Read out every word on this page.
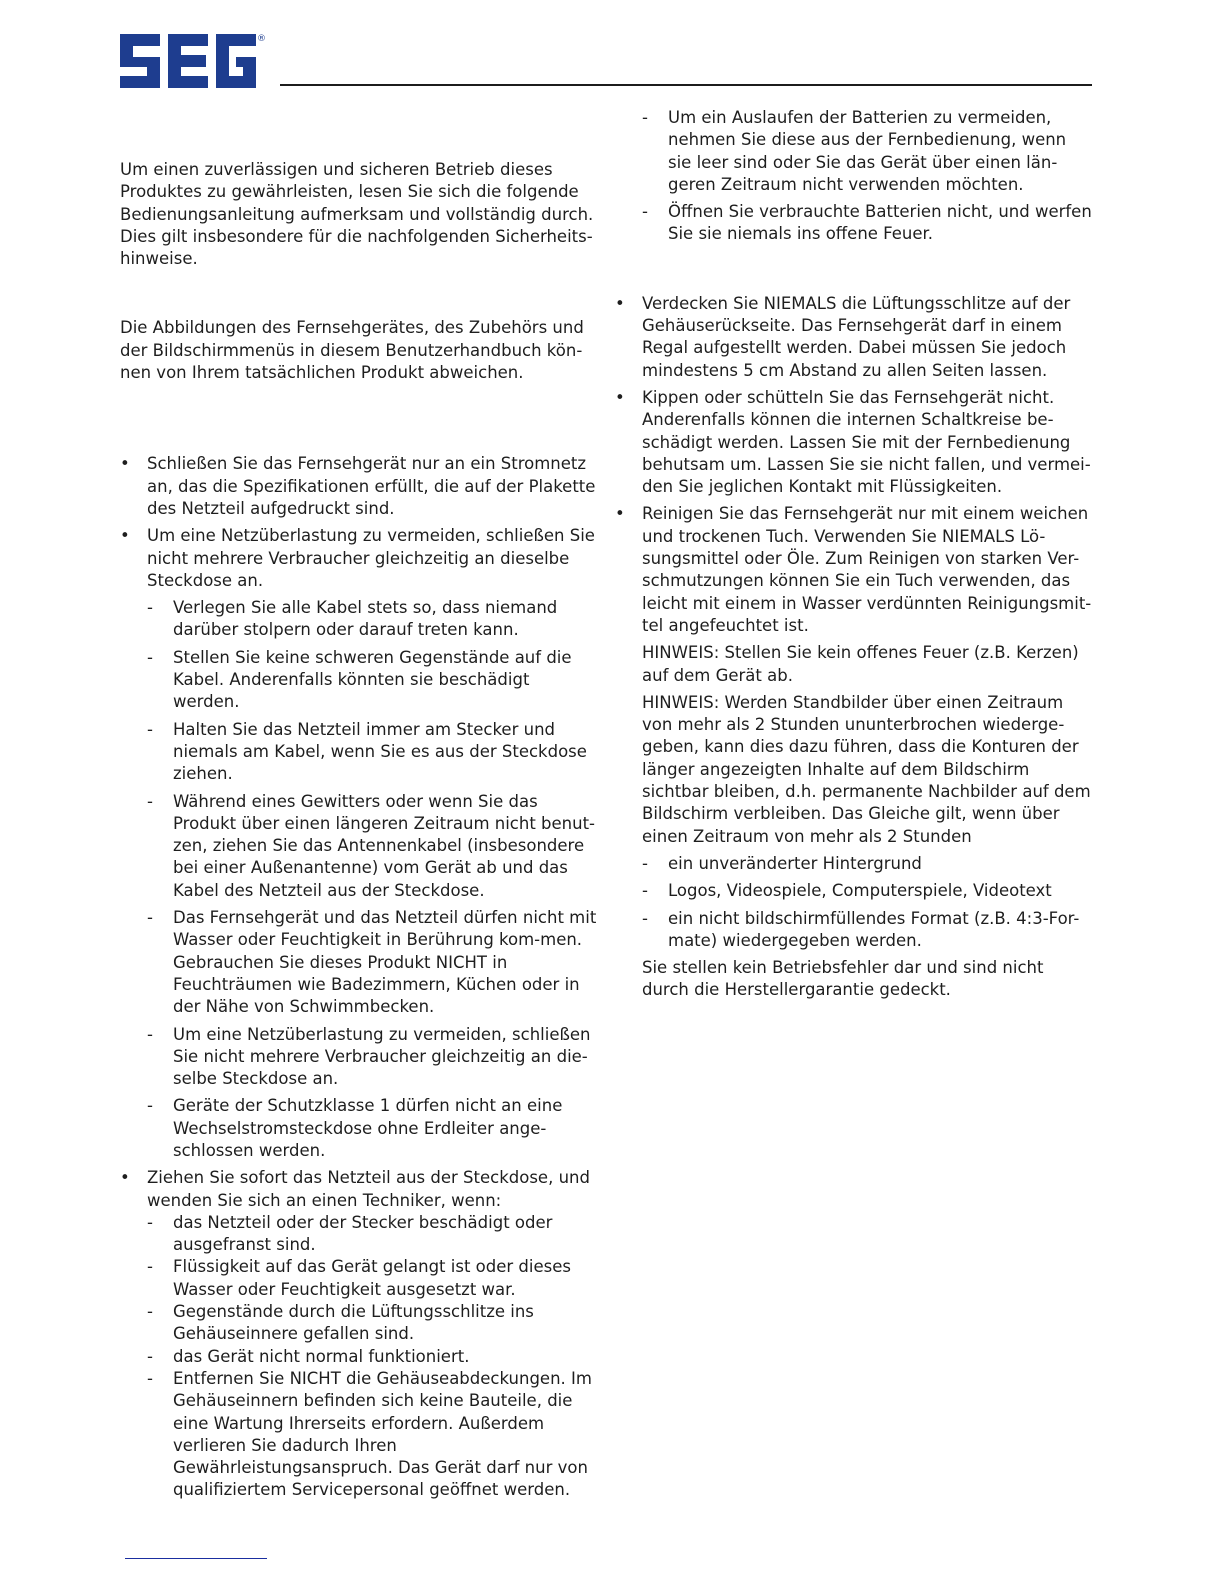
®

Um einen zuverlässigen und sicheren Betrieb dieses Produktes zu gewährleisten, lesen Sie sich die folgende Bedienungsanleitung aufmerksam und vollständig durch. Dies gilt insbesondere für die nachfolgenden Sicherheits-hinweise.

Die Abbildungen des Fernsehgerätes, des Zubehörs und der Bildschirmmenüs in diesem Benutzerhandbuch kön-nen von Ihrem tatsächlichen Produkt abweichen.

• Schließen Sie das Fernsehgerät nur an ein Stromnetz an, das die Spezifikationen erfüllt, die auf der Plakette des Netzteil aufgedruckt sind.

• Um eine Netzüberlastung zu vermeiden, schließen Sie nicht mehrere Verbraucher gleichzeitig an dieselbe Steckdose an.

- Verlegen Sie alle Kabel stets so, dass niemand darüber stolpern oder darauf treten kann.

- Stellen Sie keine schweren Gegenstände auf die Kabel. Anderenfalls könnten sie beschädigt werden.

- Halten Sie das Netzteil immer am Stecker und niemals am Kabel, wenn Sie es aus der Steckdose ziehen.

- Während eines Gewitters oder wenn Sie das Produkt über einen längeren Zeitraum nicht benut-zen, ziehen Sie das Antennenkabel (insbesondere bei einer Außenantenne) vom Gerät ab und das Kabel des Netzteil aus der Steckdose.

- Das Fernsehgerät und das Netzteil dürfen nicht mit Wasser oder Feuchtigkeit in Berührung kom-men. Gebrauchen Sie dieses Produkt NICHT in Feuchträumen wie Badezimmern, Küchen oder in der Nähe von Schwimmbecken.

- Um eine Netzüberlastung zu vermeiden, schließen Sie nicht mehrere Verbraucher gleichzeitig an die-selbe Steckdose an.

- Geräte der Schutzklasse 1 dürfen nicht an eine Wechselstromsteckdose ohne Erdleiter ange-schlossen werden.

• Ziehen Sie sofort das Netzteil aus der Steckdose, und wenden Sie sich an einen Techniker, wenn:

- das Netzteil oder der Stecker beschädigt oder ausgefranst sind.

- Flüssigkeit auf das Gerät gelangt ist oder dieses Wasser oder Feuchtigkeit ausgesetzt war.

- Gegenstände durch die Lüftungsschlitze ins Gehäuseinnere gefallen sind.

- das Gerät nicht normal funktioniert.

- Entfernen Sie NICHT die Gehäuseabdeckungen. Im Gehäuseinnern befinden sich keine Bauteile, die eine Wartung Ihrerseits erfordern. Außerdem verlieren Sie dadurch Ihren Gewährleistungsanspruch. Das Gerät darf nur von qualifiziertem Servicepersonal geöffnet werden.

- Um ein Auslaufen der Batterien zu vermeiden, nehmen Sie diese aus der Fernbedienung, wenn sie leer sind oder Sie das Gerät über einen län-geren Zeitraum nicht verwenden möchten.

- Öffnen Sie verbrauchte Batterien nicht, und werfen Sie sie niemals ins offene Feuer.

• Verdecken Sie NIEMALS die Lüftungsschlitze auf der Gehäuserückseite. Das Fernsehgerät darf in einem Regal aufgestellt werden. Dabei müssen Sie jedoch mindestens 5 cm Abstand zu allen Seiten lassen.

• Kippen oder schütteln Sie das Fernsehgerät nicht. Anderenfalls können die internen Schaltkreise be-schädigt werden. Lassen Sie mit der Fernbedienung behutsam um. Lassen Sie sie nicht fallen, und vermei-den Sie jeglichen Kontakt mit Flüssigkeiten.

• Reinigen Sie das Fernsehgerät nur mit einem weichen und trockenen Tuch. Verwenden Sie NIEMALS Lö-sungsmittel oder Öle. Zum Reinigen von starken Ver-schmutzungen können Sie ein Tuch verwenden, das leicht mit einem in Wasser verdünnten Reinigungsmit-tel angefeuchtet ist.

HINWEIS: Stellen Sie kein offenes Feuer (z.B. Kerzen) auf dem Gerät ab.

HINWEIS: Werden Standbilder über einen Zeitraum von mehr als 2 Stunden ununterbrochen wiederge-geben, kann dies dazu führen, dass die Konturen der länger angezeigten Inhalte auf dem Bildschirm sichtbar bleiben, d.h. permanente Nachbilder auf dem Bildschirm verbleiben. Das Gleiche gilt, wenn über einen Zeitraum von mehr als 2 Stunden

- ein unveränderter Hintergrund

- Logos, Videospiele, Computerspiele, Videotext

- ein nicht bildschirmfüllendes Format (z.B. 4:3-For-mate) wiedergegeben werden.

Sie stellen kein Betriebsfehler dar und sind nicht durch die Herstellergarantie gedeckt.
